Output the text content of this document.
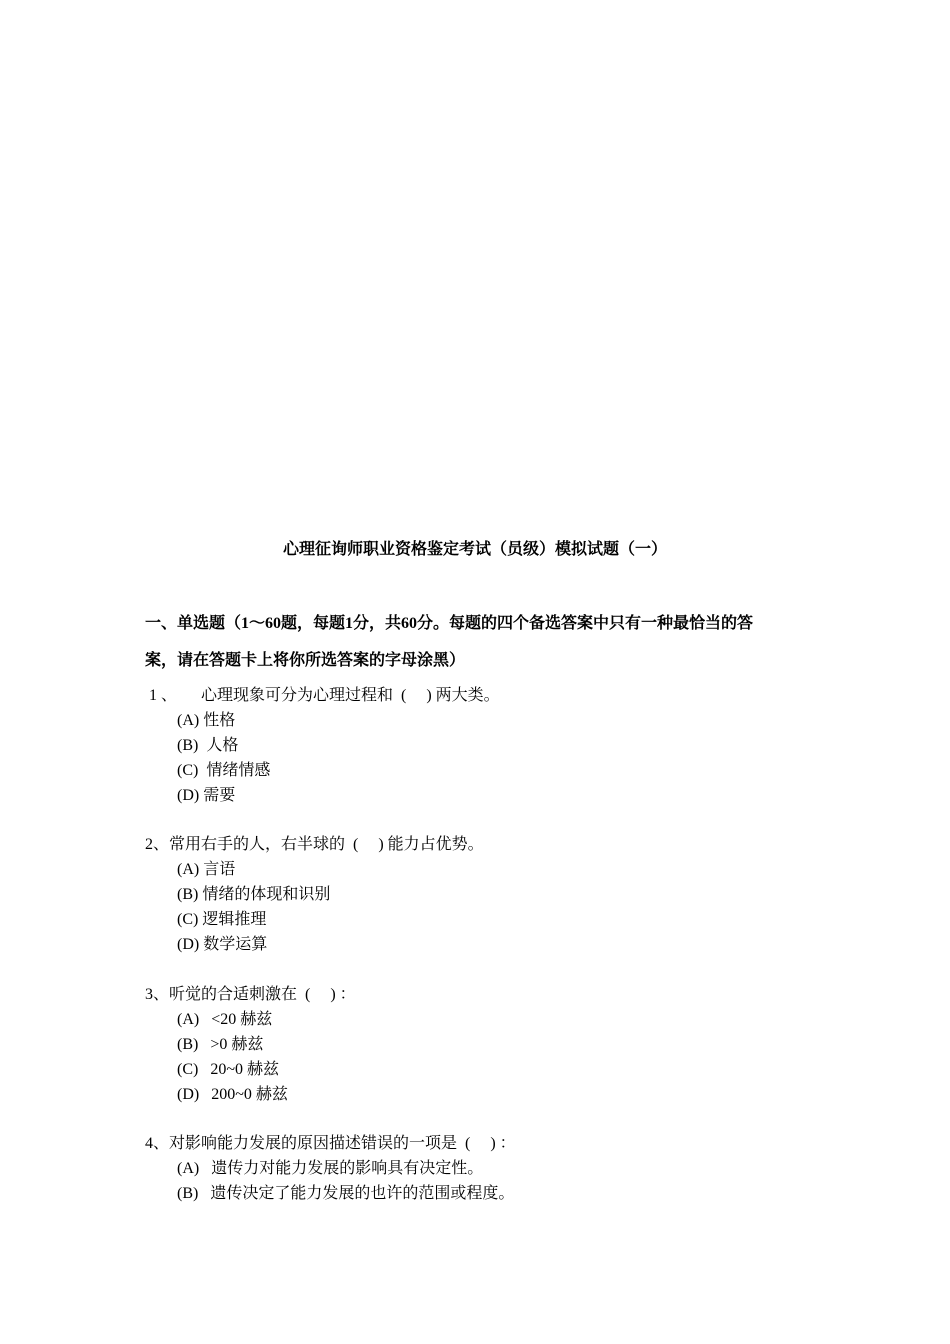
心理征询师职业资格鉴定考试（员级）模拟试题（一）
一、单选题（1～60题，每题1分，共60分。每题的四个备选答案中只有一种最恰当的答
案，请在答题卡上将你所选答案的字母涂黑）
1 、      心理现象可分为心理过程和  (     ) 两大类。
(A) 性格
(B)  人格
(C)  情绪情感
(D) 需要
2、常用右手的人，右半球的  (     ) 能力占优势。
(A) 言语
(B) 情绪的体现和识别
(C) 逻辑推理
(D) 数学运算
3、听觉的合适刺激在  (     ) ：
(A)   <20 赫兹
(B)   >0 赫兹
(C)   20~0 赫兹
(D)   200~0 赫兹
4、对影响能力发展的原因描述错误的一项是  (     ) ：
(A)   遗传力对能力发展的影响具有决定性。
(B)   遗传决定了能力发展的也许的范围或程度。
